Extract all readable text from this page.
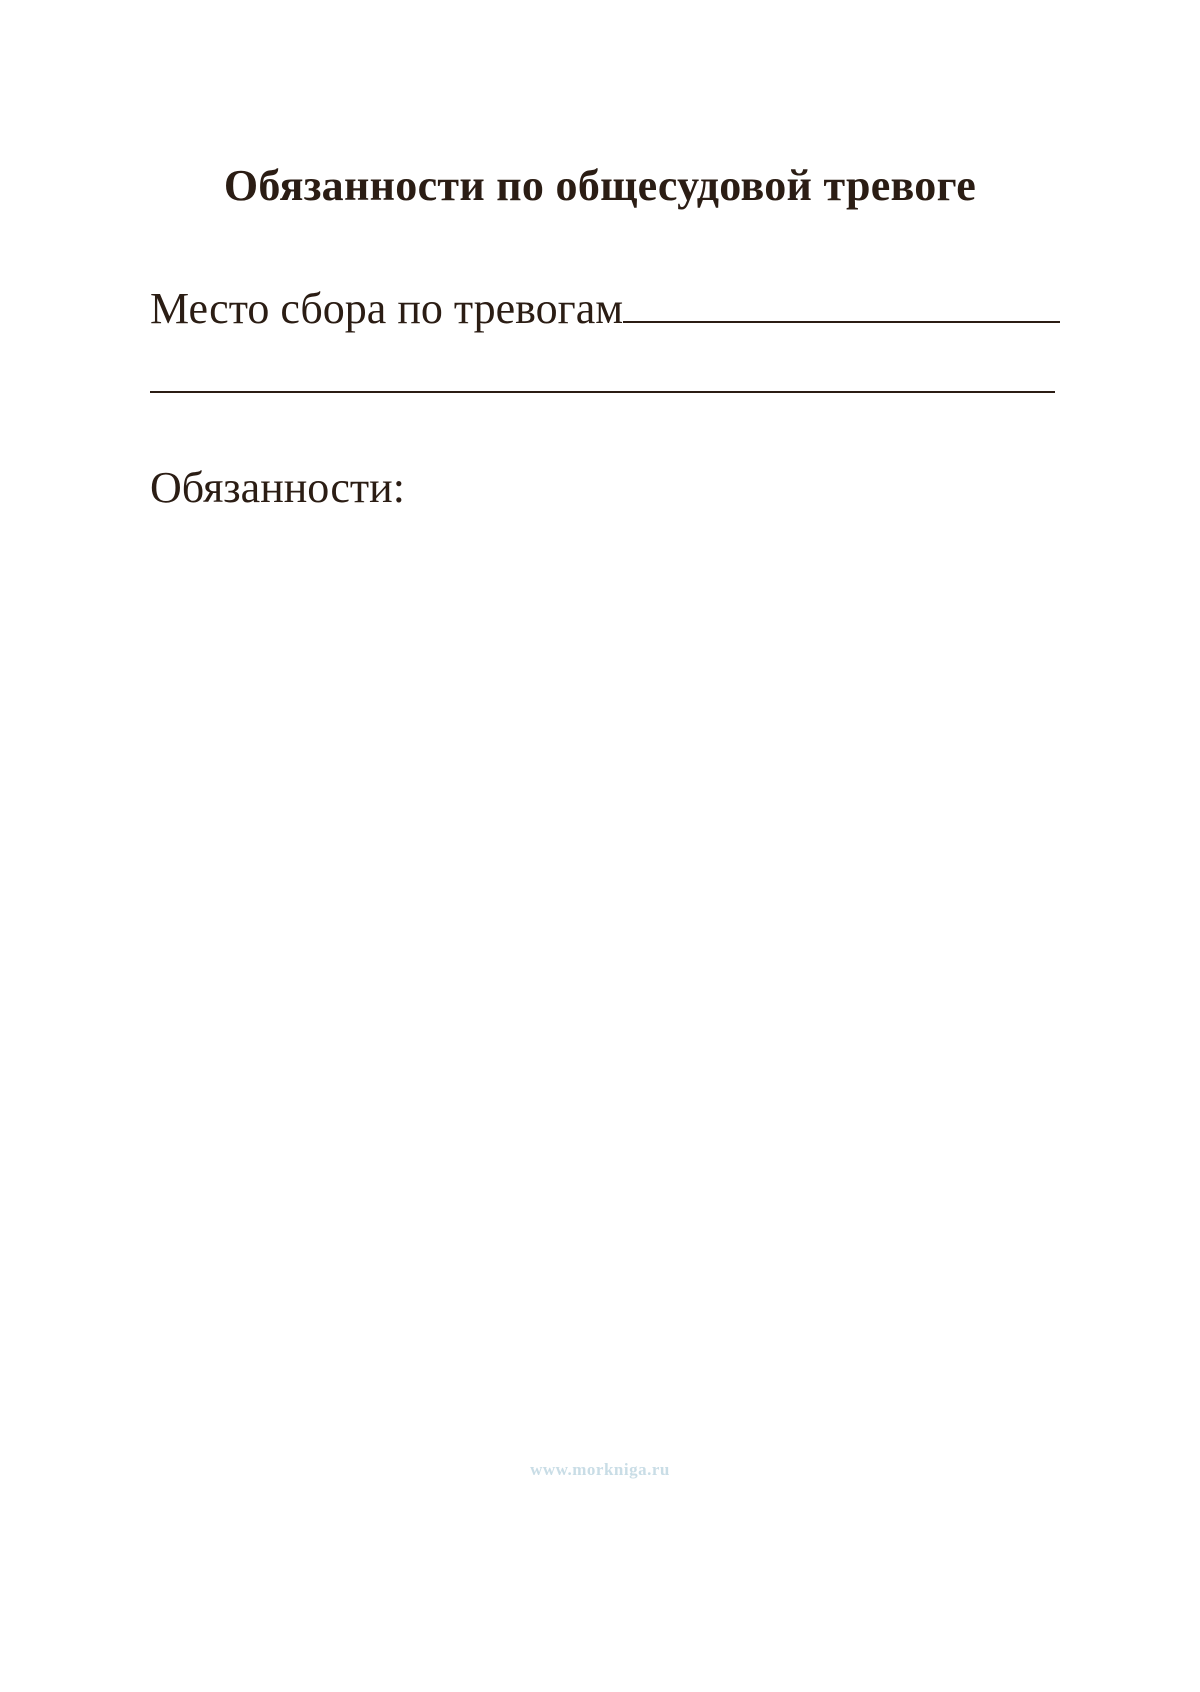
Обязанности по общесудовой тревоге
Место сбора по тревогам
Обязанности:
www.morkniga.ru
